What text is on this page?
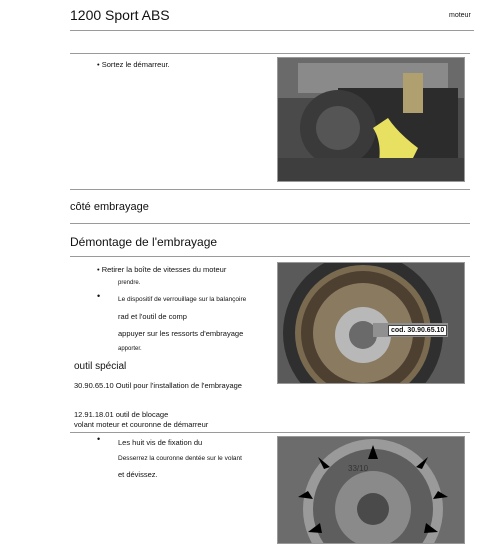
1200 Sport ABS	moteur
• Sortez le démarreur.
côté embrayage
Démontage de l'embrayage
• Retirer la boîte de vitesses du moteur
prendre.
•	Le dispositif de verrouillage sur la balançoire
rad et l'outil de comp
appuyer sur les ressorts d'embrayage
apporter.
cod. 30.90.65.10
outil spécial
30.90.65.10 Outil pour l'installation de l'embrayage
12.91.18.01 outil de blocage
volant moteur et couronne de démarreur
• Les huit vis de fixation du
Desserrez la couronne dentée sur le volant
et dévissez.
33/10
